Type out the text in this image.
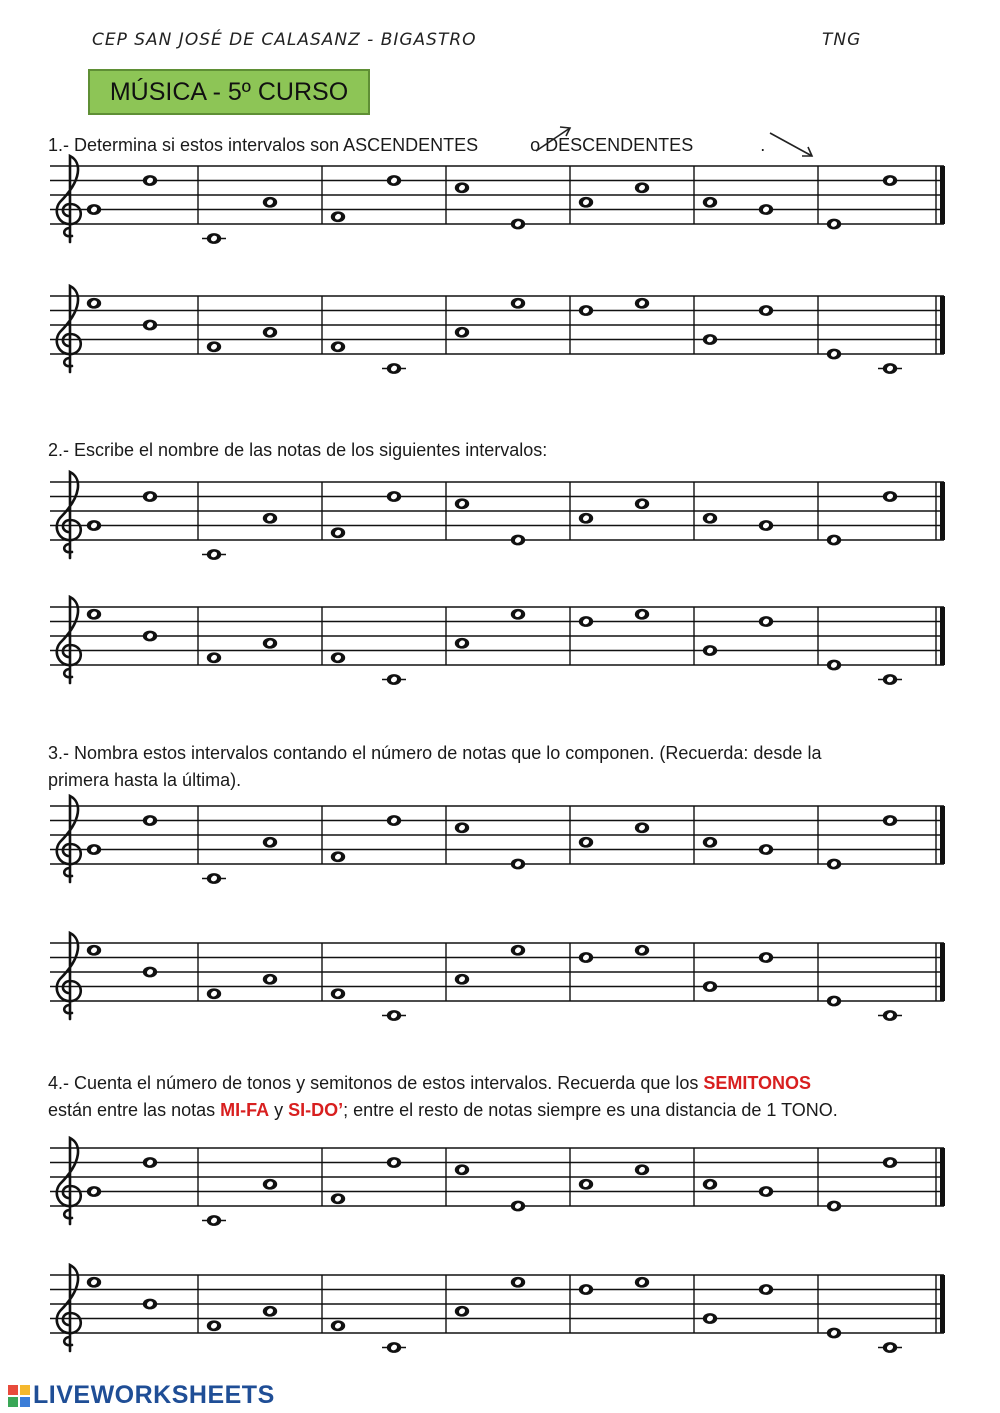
CEP SAN JOSÉ DE CALASANZ - BIGASTRO	TNG
MÚSICA - 5º CURSO
1.- Determina si estos intervalos son ASCENDENTES	o DESCENDENTES	.
2.- Escribe el nombre de las notas de los siguientes intervalos:
3.- Nombra estos intervalos contando el número de notas que lo componen. (Recuerda: desde la
primera hasta la última).
4.- Cuenta el número de tonos y semitonos de estos intervalos. Recuerda que los SEMITONOS
están entre las notas MI-FA y SI-DO’; entre el resto de notas siempre es una distancia de 1 TONO.
LIVEWORKSHEETS
